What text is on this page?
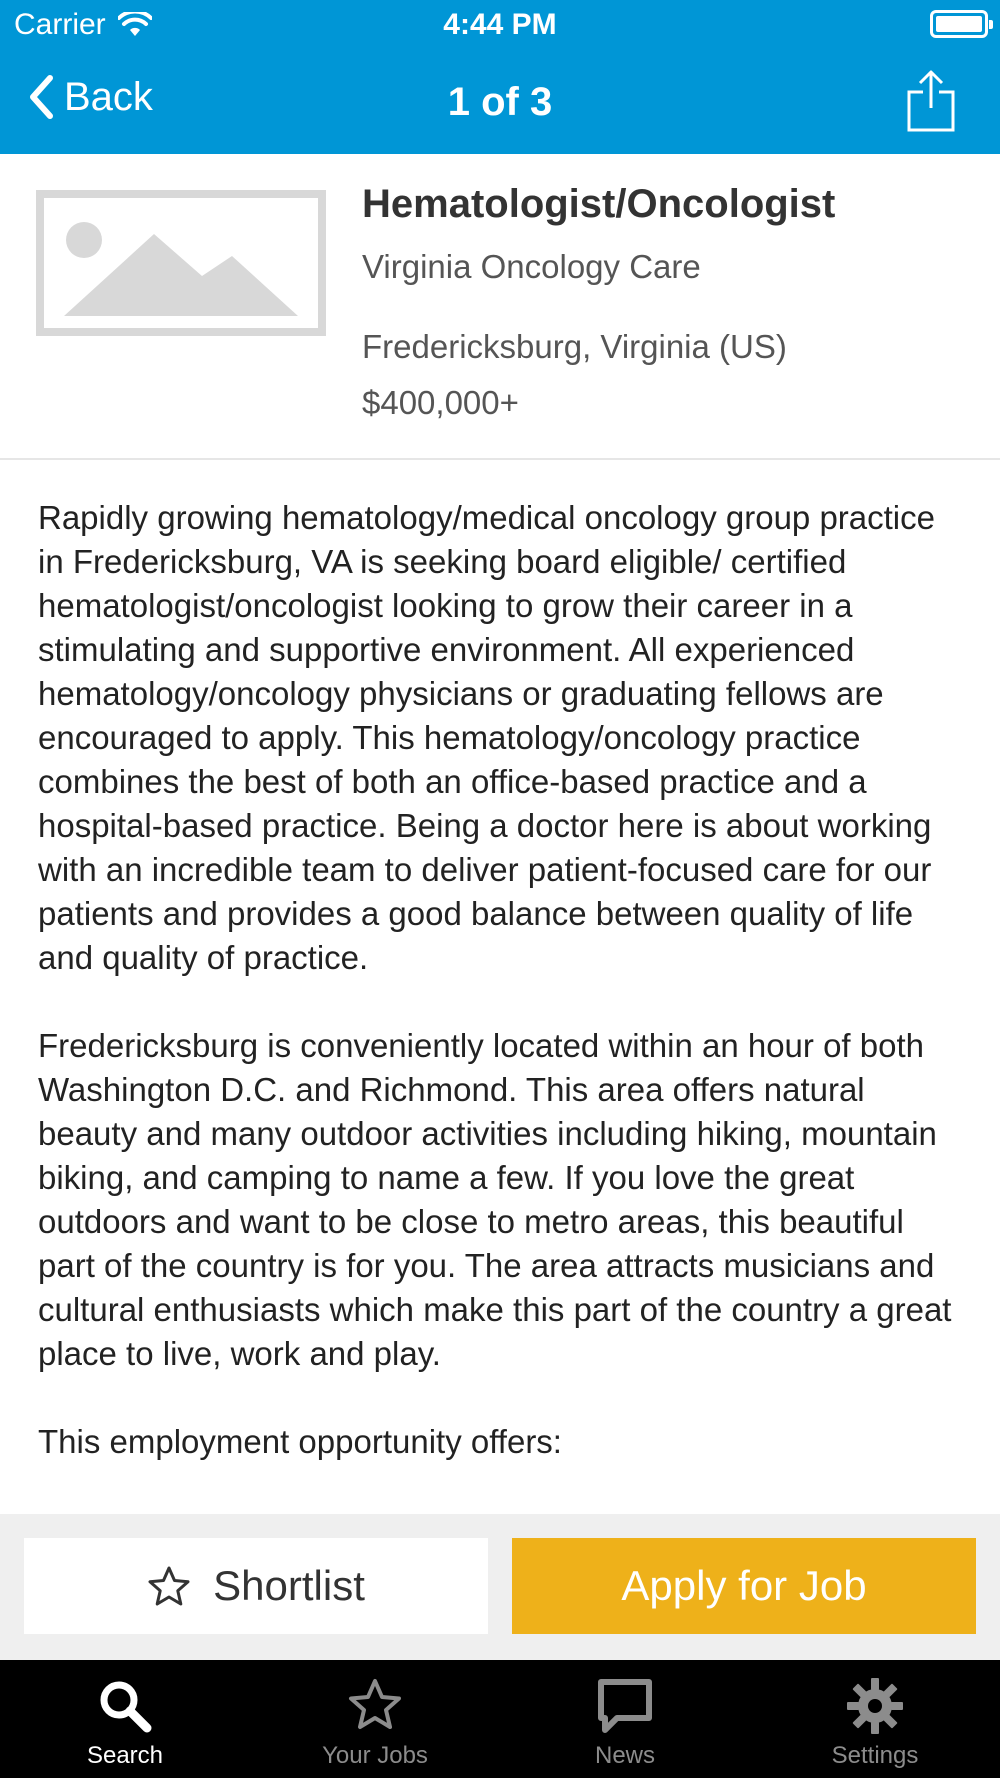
Carrier	4:44 PM
Back	1 of 3
Hematologist/Oncologist
Virginia Oncology Care
Fredericksburg, Virginia (US)
$400,000+

Rapidly growing hematology/medical oncology group practice in Fredericksburg, VA is seeking board eligible/ certified hematologist/oncologist looking to grow their career in a stimulating and supportive environment. All experienced hematology/oncology physicians or graduating fellows are encouraged to apply. This hematology/oncology practice combines the best of both an office-based practice and a hospital-based practice. Being a doctor here is about working with an incredible team to deliver patient-focused care for our patients and provides a good balance between quality of life and quality of practice.

Fredericksburg is conveniently located within an hour of both Washington D.C. and Richmond. This area offers natural beauty and many outdoor activities including hiking, mountain biking, and camping to name a few. If you love the great outdoors and want to be close to metro areas, this beautiful part of the country is for you. The area attracts musicians and cultural enthusiasts which make this part of the country a great place to live, work and play.

This employment opportunity offers:

Shortlist	Apply for Job
Search	Your Jobs	News	Settings
